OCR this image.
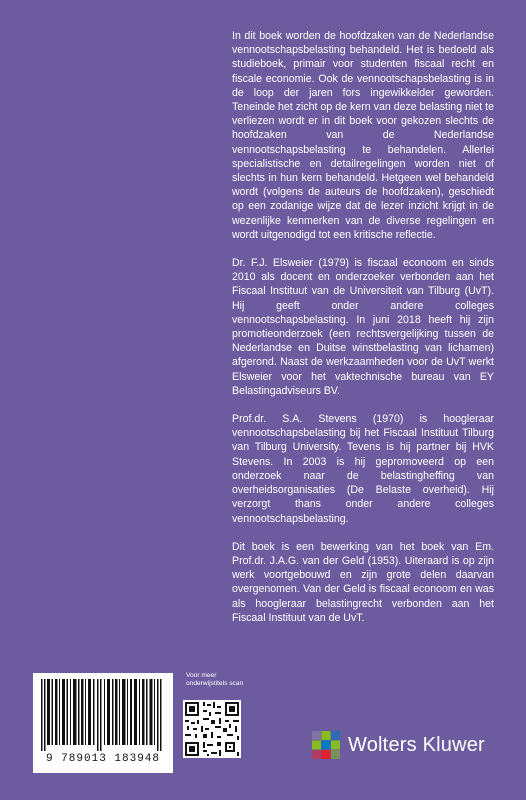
In dit boek worden de hoofdzaken van de Nederlandse vennootschapsbelasting behandeld. Het is bedoeld als studieboek, primair voor studenten fiscaal recht en fiscale economie. Ook de vennootschapsbelasting is in de loop der jaren fors ingewikkelder geworden. Teneinde het zicht op de kern van deze belasting niet te verliezen wordt er in dit boek voor gekozen slechts de hoofdzaken van de Nederlandse vennootschapsbelasting te behandelen. Allerlei specialistische en detailregelingen worden niet of slechts in hun kern behandeld. Hetgeen wel behandeld wordt (volgens de auteurs de hoofdzaken), geschiedt op een zodanige wijze dat de lezer inzicht krijgt in de wezenlijke kenmerken van de diverse regelingen en wordt uitgenodigd tot een kritische reflectie.

Dr. F.J. Elsweier (1979) is fiscaal econoom en sinds 2010 als docent en onderzoeker verbonden aan het Fiscaal Instituut van de Universiteit van Tilburg (UvT). Hij geeft onder andere colleges vennootschapsbelasting. In juni 2018 heeft hij zijn promotieonderzoek (een rechtsvergelijking tussen de Nederlandse en Duitse winstbelasting van lichamen) afgerond. Naast de werkzaamheden voor de UvT werkt Elsweier voor het vaktechnische bureau van EY Belastingadviseurs BV.

Prof.dr. S.A. Stevens (1970) is hoogleraar vennootschapsbelasting bij het Fiscaal Instituut Tilburg van Tilburg University. Tevens is hij partner bij HVK Stevens. In 2003 is hij gepromoveerd op een onderzoek naar de belastingheffing van overheidsorganisaties (De Belaste overheid). Hij verzorgt thans onder andere colleges vennootschapsbelasting.

Dit boek is een bewerking van het boek van Em. Prof.dr. J.A.G. van der Geld (1953). Uiteraard is op zijn werk voortgebouwd en zijn grote delen daarvan overgenomen. Van der Geld is fiscaal econoom en was als hoogleraar belastingrecht verbonden aan het Fiscaal Instituut van de UvT.

9 789013 183948
Voor meer onderwijstitels scan
Wolters Kluwer
